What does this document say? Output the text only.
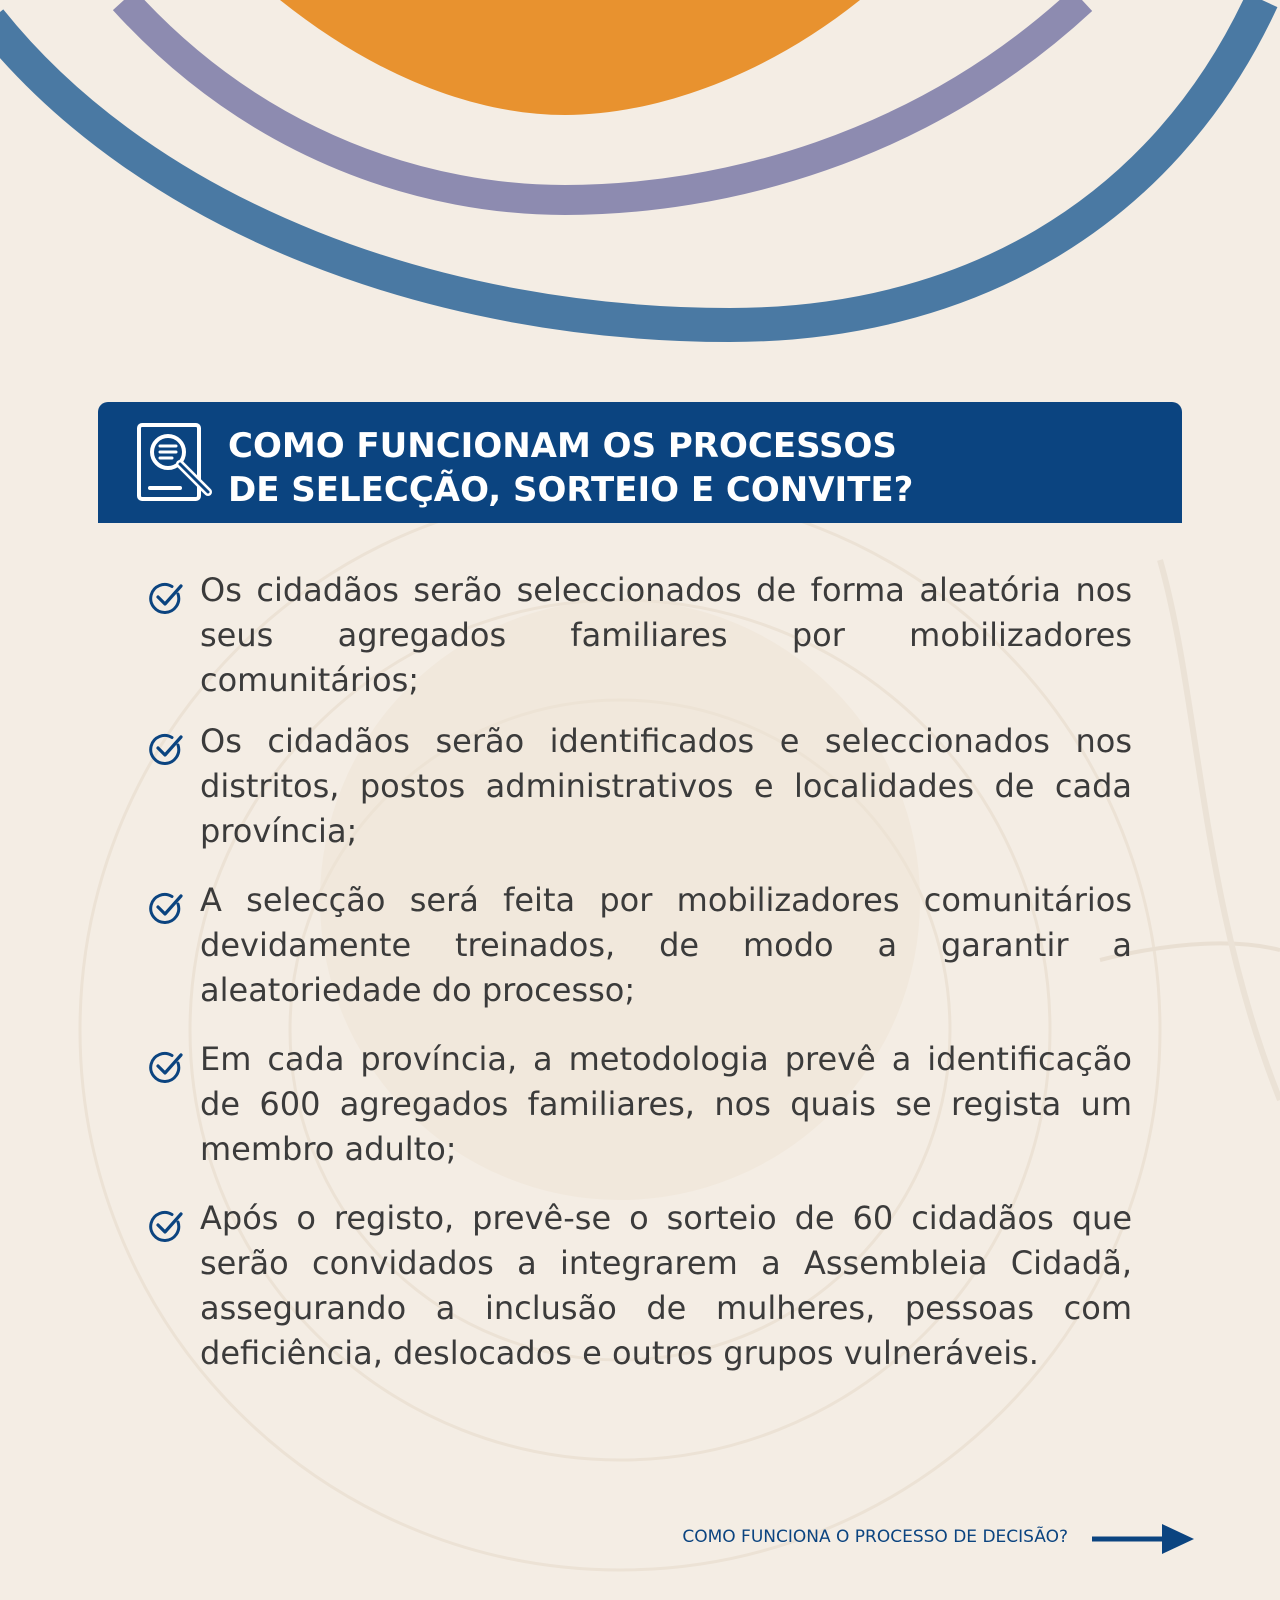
COMO FUNCIONAM OS PROCESSOS
DE SELECÇÃO, SORTEIO E CONVITE?

Os cidadãos serão seleccionados de forma aleatória nos seus agregados familiares por mobilizadores comunitários;

Os cidadãos serão identificados e seleccionados nos distritos, postos administrativos e localidades de cada província;

A selecção será feita por mobilizadores comunitários devidamente treinados, de modo a garantir a aleatoriedade do processo;

Em cada província, a metodologia prevê a identificação de 600 agregados familiares, nos quais se regista um membro adulto;

Após o registo, prevê-se o sorteio de 60 cidadãos que serão convidados a integrarem a Assembleia Cidadã, assegurando a inclusão de mulheres, pessoas com deficiência, deslocados e outros grupos vulneráveis.

COMO FUNCIONA O PROCESSO DE DECISÃO?
